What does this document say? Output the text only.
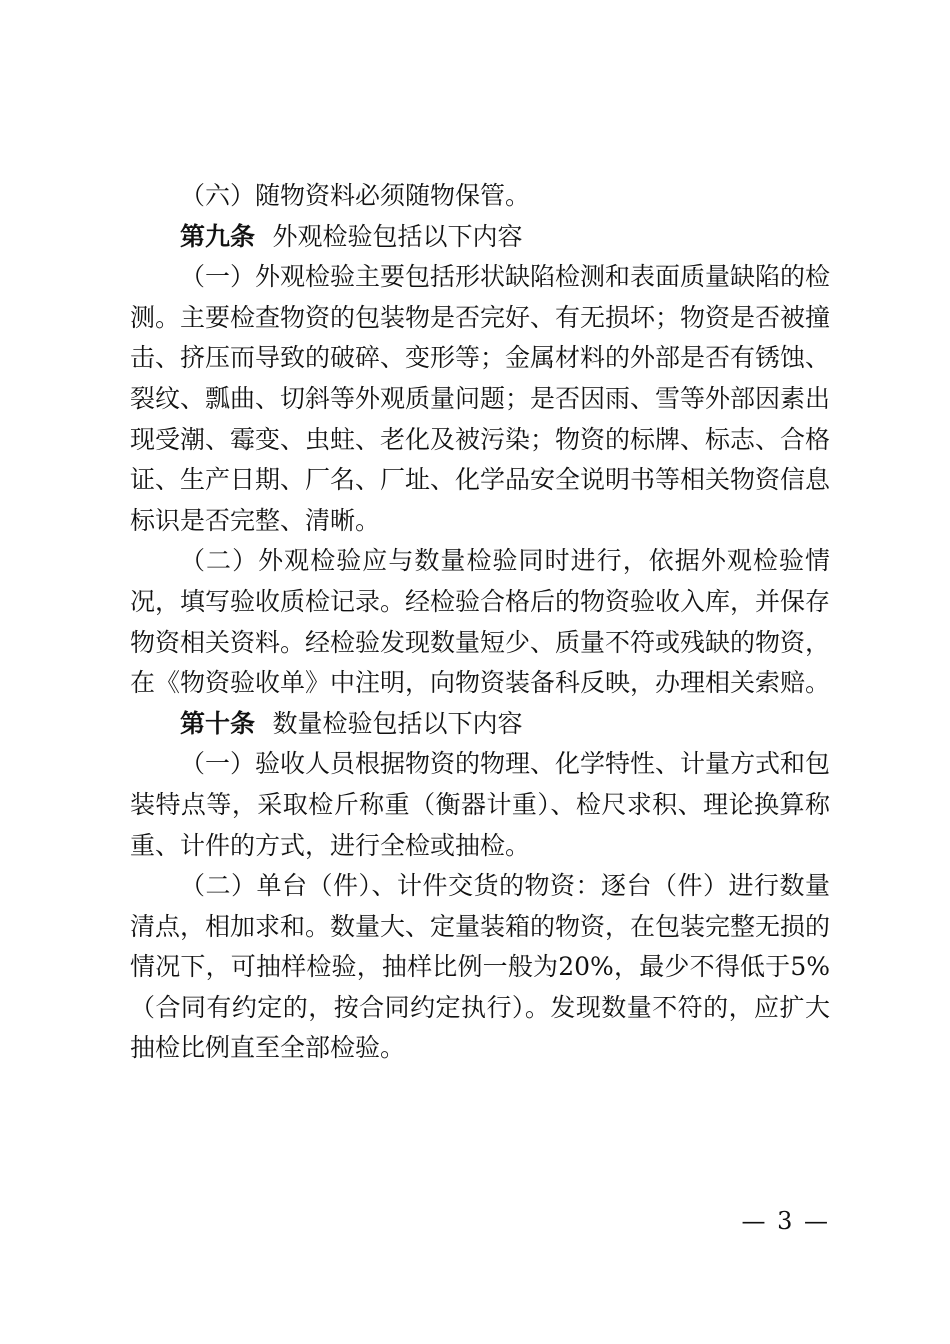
（六）随物资料必须随物保管。

第九条 外观检验包括以下内容

（一）外观检验主要包括形状缺陷检测和表面质量缺陷的检测。主要检查物资的包装物是否完好、有无损坏；物资是否被撞击、挤压而导致的破碎、变形等；金属材料的外部是否有锈蚀、裂纹、瓢曲、切斜等外观质量问题；是否因雨、雪等外部因素出现受潮、霉变、虫蛀、老化及被污染；物资的标牌、标志、合格证、生产日期、厂名、厂址、化学品安全说明书等相关物资信息标识是否完整、清晰。

（二）外观检验应与数量检验同时进行，依据外观检验情况，填写验收质检记录。经检验合格后的物资验收入库，并保存物资相关资料。经检验发现数量短少、质量不符或残缺的物资，在《物资验收单》中注明，向物资装备科反映，办理相关索赔。

第十条 数量检验包括以下内容

（一）验收人员根据物资的物理、化学特性、计量方式和包装特点等，采取检斤称重（衡器计重）、检尺求积、理论换算称重、计件的方式，进行全检或抽检。

（二）单台（件）、计件交货的物资：逐台（件）进行数量清点，相加求和。数量大、定量装箱的物资，在包装完整无损的情况下，可抽样检验，抽样比例一般为20%，最少不得低于5%（合同有约定的，按合同约定执行）。发现数量不符的，应扩大抽检比例直至全部检验。

— 3 —
